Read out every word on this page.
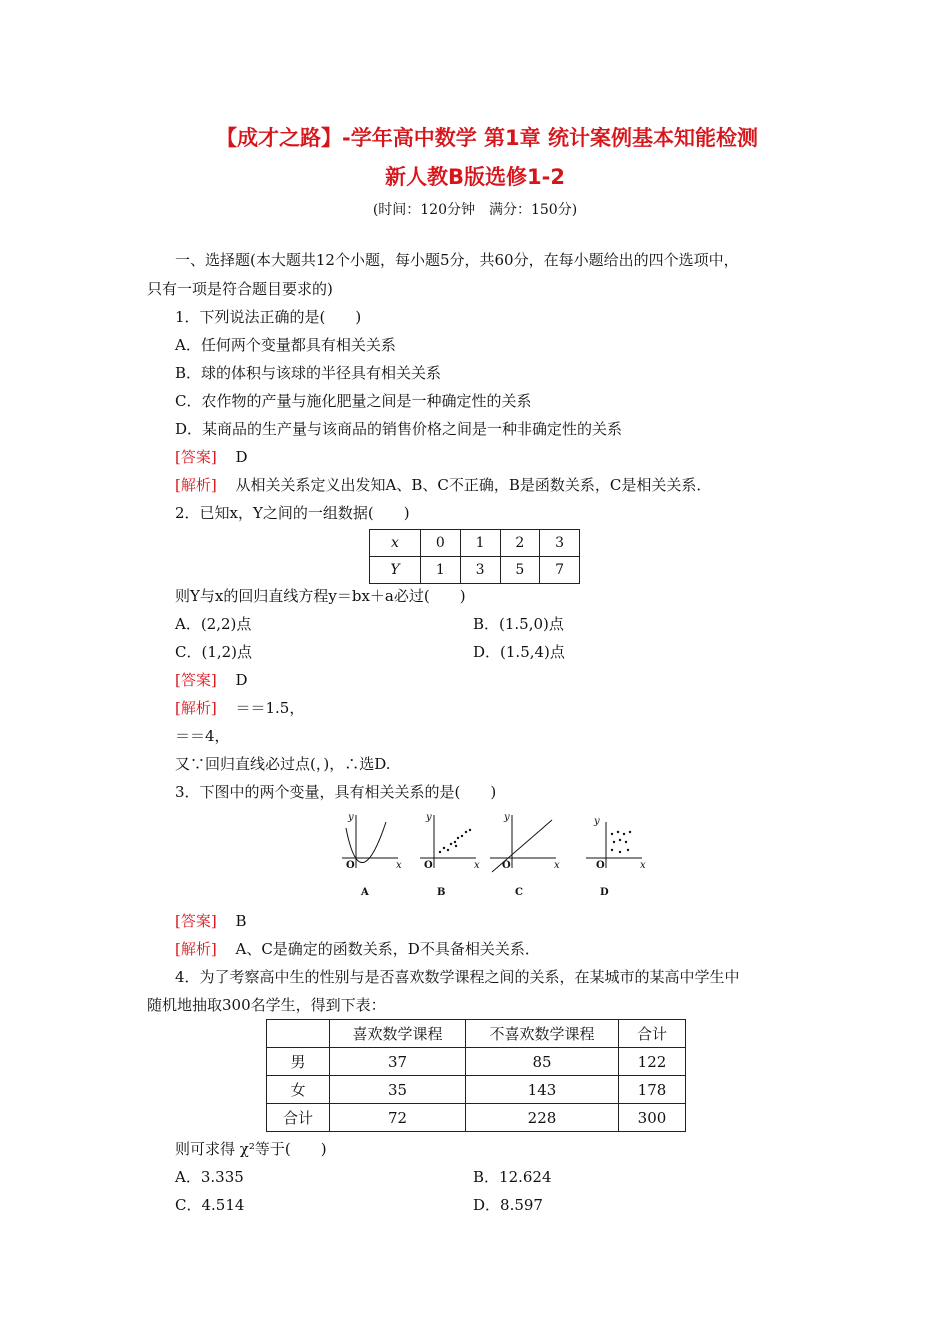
【成才之路】-学年高中数学 第1章 统计案例基本知能检测
新人教B版选修1-2
(时间：120分钟　满分：150分)
一、选择题(本大题共12个小题，每小题5分，共60分，在每小题给出的四个选项中，
只有一项是符合题目要求的)
1．下列说法正确的是(　　)
A．任何两个变量都具有相关关系
B．球的体积与该球的半径具有相关关系
C．农作物的产量与施化肥量之间是一种确定性的关系
D．某商品的生产量与该商品的销售价格之间是一种非确定性的关系
[答案] D
[解析] 从相关关系定义出发知A、B、C不正确，B是函数关系，C是相关关系．
2．已知x，Y之间的一组数据(　　)
x	0	1	2	3
Y	1	3	5	7
则Y与x的回归直线方程y＝bx＋a必过(　　)
A．(2,2)点	B．(1.5,0)点
C．(1,2)点	D．(1.5,4)点
[答案] D
[解析] ＝＝1.5，
＝＝4，
又∵回归直线必过点(，)，∴选D.
3．下图中的两个变量，具有相关关系的是(　　)
y
x
y
x
y
x
y
x
O	O	O	O
A	B	C	D
[答案] B
[解析] A、C是确定的函数关系，D不具备相关关系．
4．为了考察高中生的性别与是否喜欢数学课程之间的关系，在某城市的某高中学生中
随机地抽取300名学生，得到下表：
	喜欢数学课程	不喜欢数学课程	合计
男	37	85	122
女	35	143	178
合计	72	228	300
则可求得 χ²等于(　　)
A．3.335	B．12.624
C．4.514	D．8.597
